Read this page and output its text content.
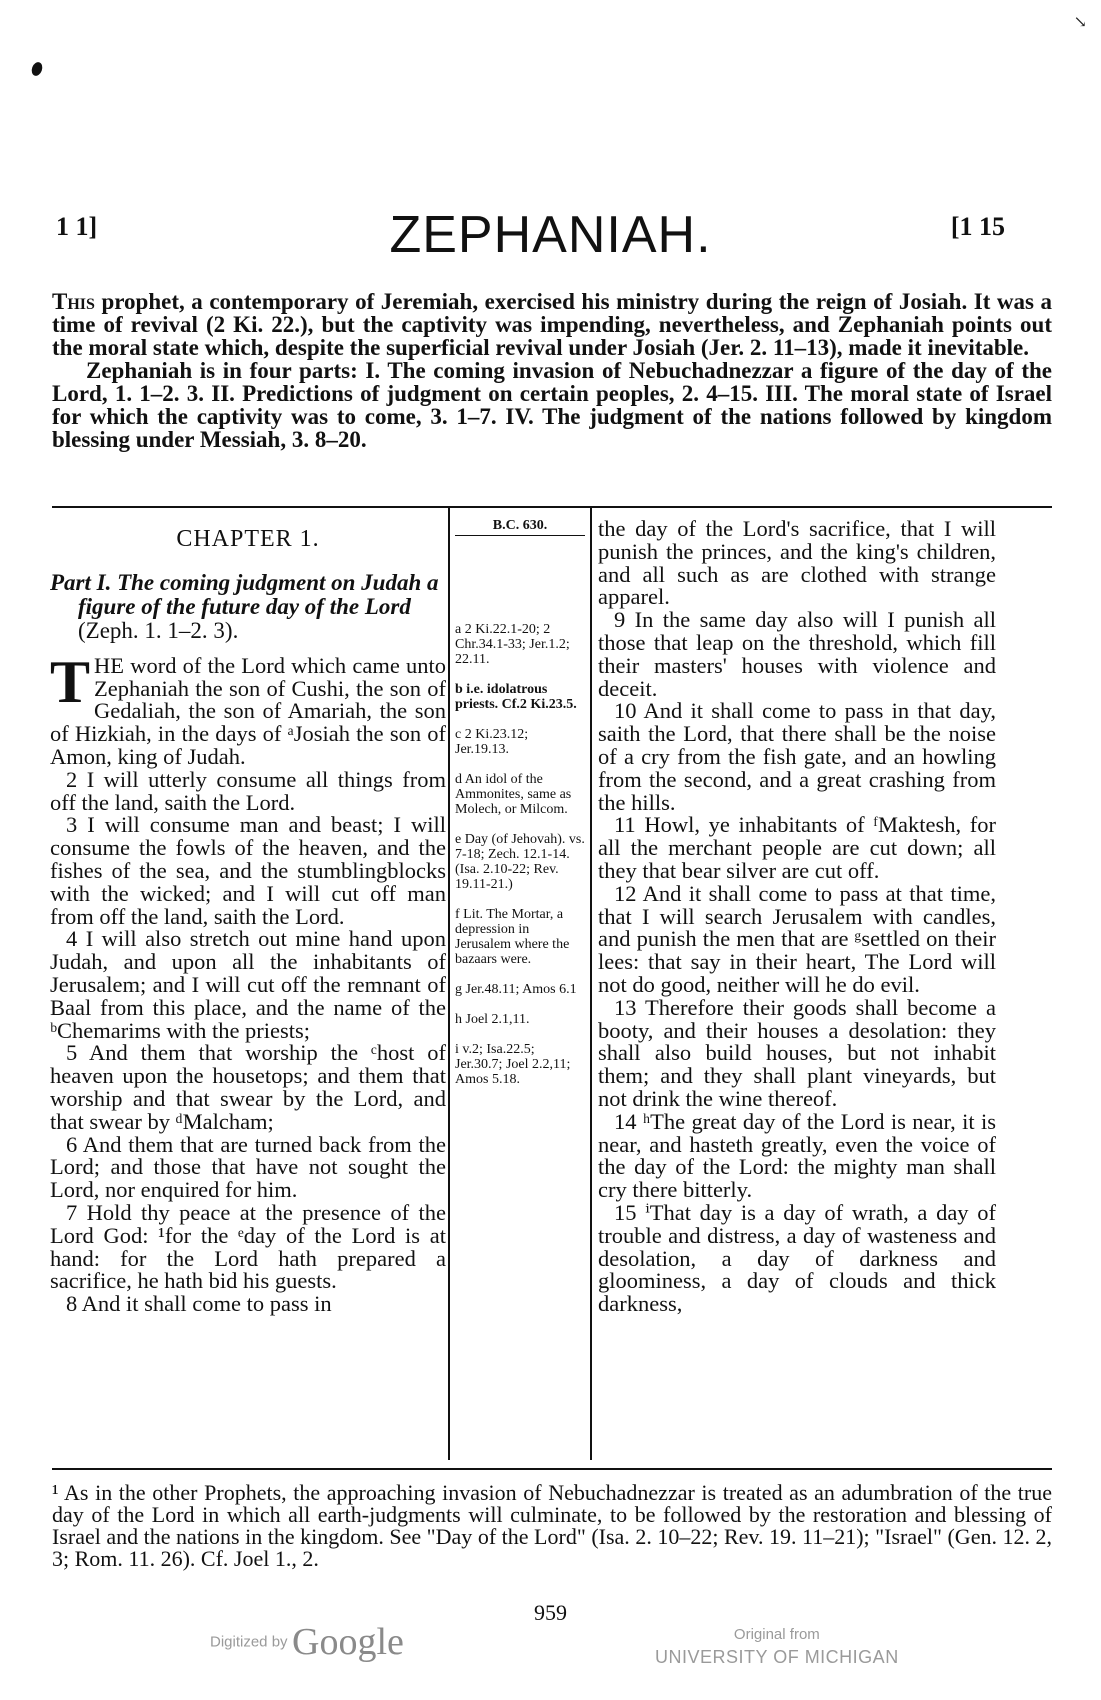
↘
1 1]	ZEPHANIAH.	[1 15

This prophet, a contemporary of Jeremiah, exercised his ministry during the reign of Josiah. It was a time of revival (2 Ki. 22.), but the captivity was impending, nevertheless, and Zephaniah points out the moral state which, despite the superficial revival under Josiah (Jer. 2. 11–13), made it inevitable.

Zephaniah is in four parts: I. The coming invasion of Nebuchadnezzar a figure of the day of the Lord, 1. 1–2. 3. II. Predictions of judgment on certain peoples, 2. 4–15. III. The moral state of Israel for which the captivity was to come, 3. 1–7. IV. The judgment of the nations followed by kingdom blessing under Messiah, 3. 8–20.

CHAPTER 1.

Part I. The coming judgment on Judah a figure of the future day of the Lord (Zeph. 1. 1–2. 3).

THE word of the Lord which came unto Zephaniah the son of Cushi, the son of Gedaliah, the son of Amariah, the son of Hizkiah, in the days of ᵃJosiah the son of Amon, king of Judah.

2 I will utterly consume all things from off the land, saith the Lord.

3 I will consume man and beast; I will consume the fowls of the heaven, and the fishes of the sea, and the stumblingblocks with the wicked; and I will cut off man from off the land, saith the Lord.

4 I will also stretch out mine hand upon Judah, and upon all the inhabitants of Jerusalem; and I will cut off the remnant of Baal from this place, and the name of the ᵇChemarims with the priests;

5 And them that worship the ᶜhost of heaven upon the housetops; and them that worship and that swear by the Lord, and that swear by ᵈMalcham;

6 And them that are turned back from the Lord; and those that have not sought the Lord, nor enquired for him.

7 Hold thy peace at the presence of the Lord God: ¹for the ᵉday of the Lord is at hand: for the Lord hath prepared a sacrifice, he hath bid his guests.

8 And it shall come to pass in

B.C. 630.
a 2 Ki.22.1-20; 2 Chr.34.1-33; Jer.1.2; 22.11.
b i.e. idolatrous priests. Cf.2 Ki.23.5.
c 2 Ki.23.12; Jer.19.13.
d An idol of the Ammonites, same as Molech, or Milcom.
e Day (of Jehovah). vs. 7-18; Zech. 12.1-14. (Isa. 2.10-22; Rev. 19.11-21.)
f Lit. The Mortar, a depression in Jerusalem where the bazaars were.
g Jer.48.11; Amos 6.1
h Joel 2.1,11.
i v.2; Isa.22.5; Jer.30.7; Joel 2.2,11; Amos 5.18.

the day of the Lord's sacrifice, that I will punish the princes, and the king's children, and all such as are clothed with strange apparel.

9 In the same day also will I punish all those that leap on the threshold, which fill their masters' houses with violence and deceit.

10 And it shall come to pass in that day, saith the Lord, that there shall be the noise of a cry from the fish gate, and an howling from the second, and a great crashing from the hills.

11 Howl, ye inhabitants of ᶠMaktesh, for all the merchant people are cut down; all they that bear silver are cut off.

12 And it shall come to pass at that time, that I will search Jerusalem with candles, and punish the men that are ᵍsettled on their lees: that say in their heart, The Lord will not do good, neither will he do evil.

13 Therefore their goods shall become a booty, and their houses a desolation: they shall also build houses, but not inhabit them; and they shall plant vineyards, but not drink the wine thereof.

14 ʰThe great day of the Lord is near, it is near, and hasteth greatly, even the voice of the day of the Lord: the mighty man shall cry there bitterly.

15 ⁱThat day is a day of wrath, a day of trouble and distress, a day of wasteness and desolation, a day of darkness and gloominess, a day of clouds and thick darkness,

¹ As in the other Prophets, the approaching invasion of Nebuchadnezzar is treated as an adumbration of the true day of the Lord in which all earth-judgments will culminate, to be followed by the restoration and blessing of Israel and the nations in the kingdom. See "Day of the Lord" (Isa. 2. 10–22; Rev. 19. 11–21); "Israel" (Gen. 12. 2, 3; Rom. 11. 26). Cf. Joel 1., 2.
959
Digitized by Google	Original from
UNIVERSITY OF MICHIGAN
